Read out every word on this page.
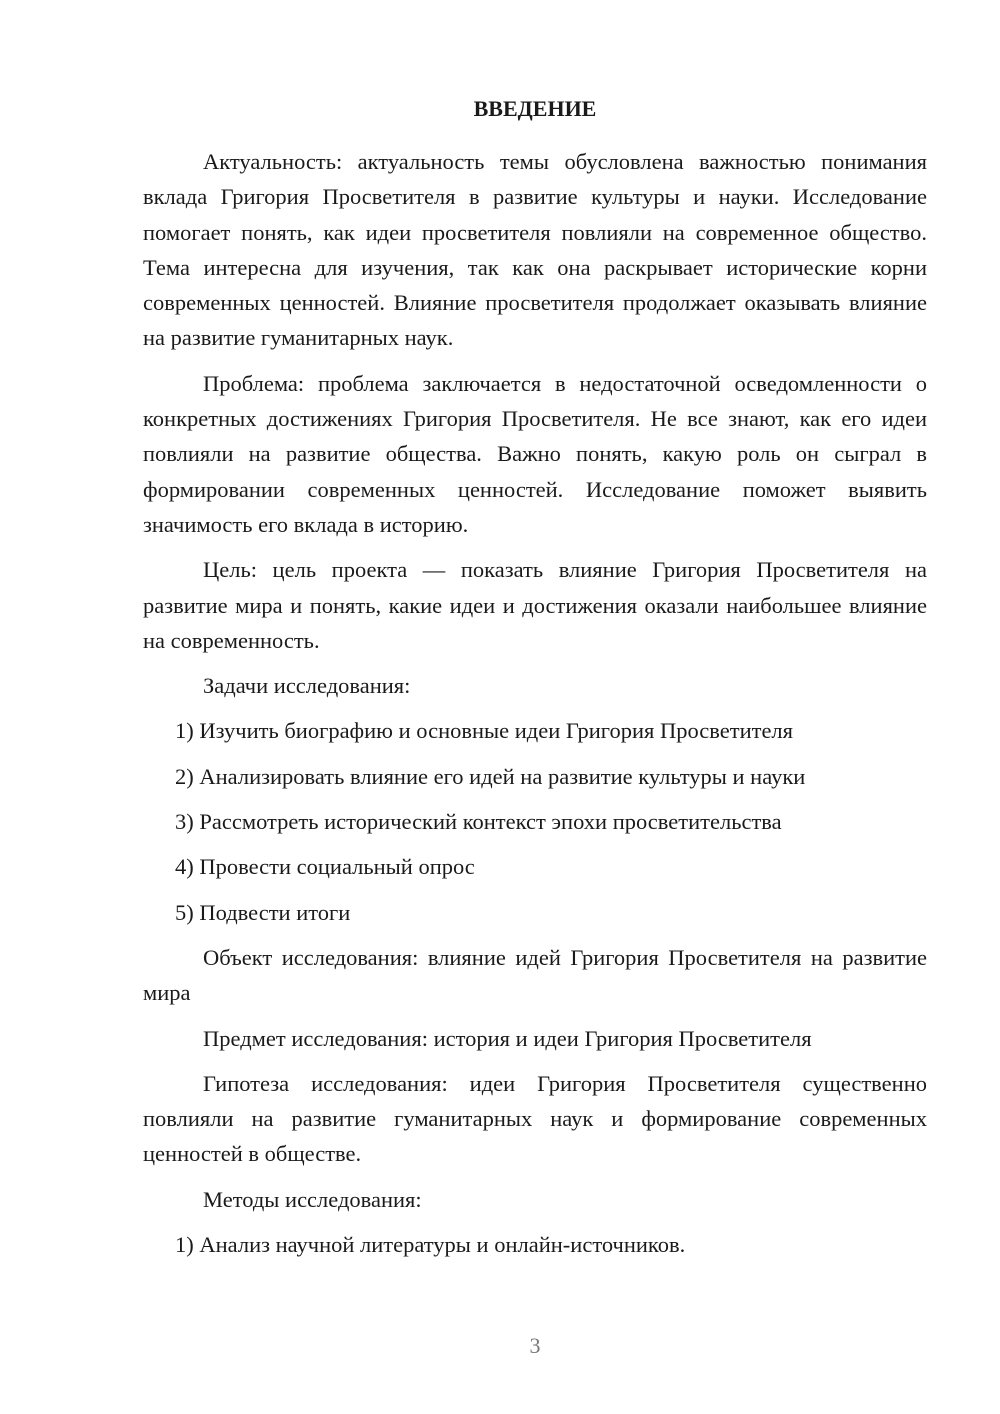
ВВЕДЕНИЕ

Актуальность: актуальность темы обусловлена важностью понимания вклада Григория Просветителя в развитие культуры и науки. Исследование помогает понять, как идеи просветителя повлияли на современное общество. Тема интересна для изучения, так как она раскрывает исторические корни современных ценностей. Влияние просветителя продолжает оказывать влияние на развитие гуманитарных наук.

Проблема: проблема заключается в недостаточной осведомленности о конкретных достижениях Григория Просветителя. Не все знают, как его идеи повлияли на развитие общества. Важно понять, какую роль он сыграл в формировании современных ценностей. Исследование поможет выявить значимость его вклада в историю.

Цель: цель проекта — показать влияние Григория Просветителя на развитие мира и понять, какие идеи и достижения оказали наибольшее влияние на современность.

Задачи исследования:

1) Изучить биографию и основные идеи Григория Просветителя

2) Анализировать влияние его идей на развитие культуры и науки

3) Рассмотреть исторический контекст эпохи просветительства

4) Провести социальный опрос

5) Подвести итоги

Объект исследования: влияние идей Григория Просветителя на развитие мира

Предмет исследования: история и идеи Григория Просветителя

Гипотеза исследования: идеи Григория Просветителя существенно повлияли на развитие гуманитарных наук и формирование современных ценностей в обществе.

Методы исследования:

1) Анализ научной литературы и онлайн-источников.

3
